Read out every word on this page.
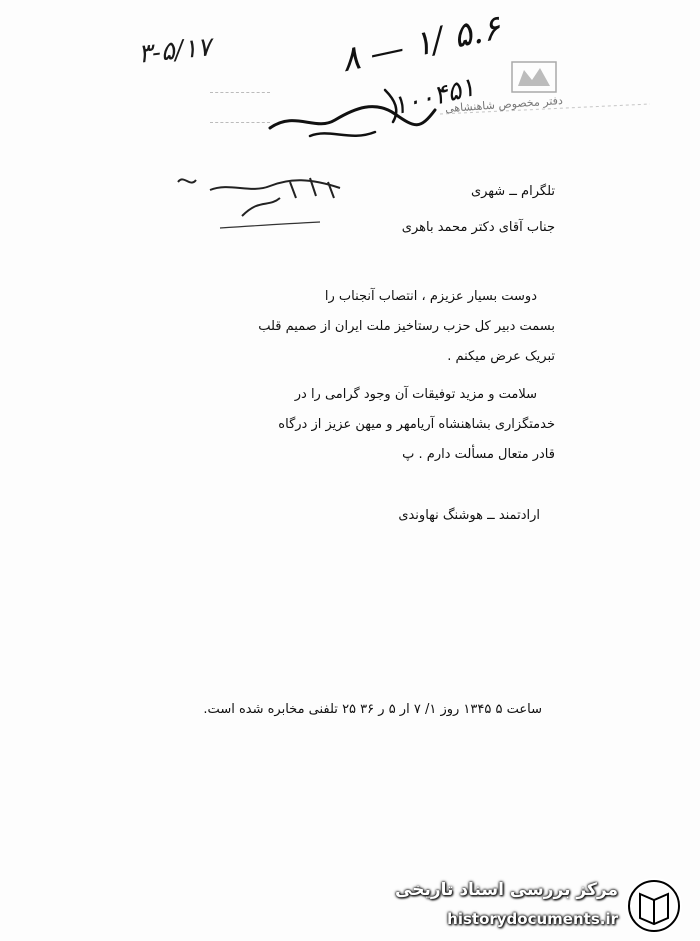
۳-۵/۱۷	۸ — ۱/ ۵.۶
۱۰۰۴۵۱
دفتر مخصوص شاهنشاهی
تلگرام ــ شهری
جناب آقای دکتر محمد باهری

دوست بسیار عزیزم ، انتصاب آنجناب را

بسمت دبیر کل حزب رستاخیز ملت ایران از صمیم قلب

تبریک عرض میکنم .

سلامت و مزید توفیقات آن وجود گرامی را در

خدمتگزاری بشاهنشاه آریامهر و میهن عزیز از درگاه

قادر متعال مسألت دارم . پ

ارادتمند ــ هوشنگ نهاوندی
ساعت ۵ ۱۳۴۵ روز ۱/ ۷ ار ۵ ر ۳۶ ۲۵ تلفنی مخابره شده است.
مرکز بررسی اسناد تاریخی
historydocuments.ir
